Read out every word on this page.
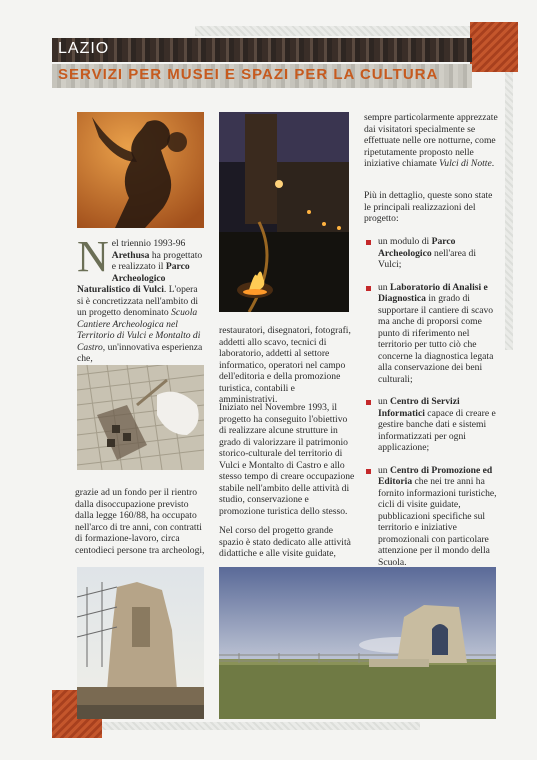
LAZIO
SERVIZI PER MUSEI E SPAZI PER LA CULTURA
Nel triennio 1993-96 Arethusa ha progettato e realizzato il Parco Archeologico Naturalistico di Vulci. L'opera si è concretizzata nell'ambito di un progetto denominato Scuola Cantiere Archeologica nel Territorio di Vulci e Montalto di Castro, un'innovativa esperienza che,
grazie ad un fondo per il rientro dalla disoccupazione previsto dalla legge 160/88, ha occupato nell'arco di tre anni, con contratti di formazione-lavoro, circa centodieci persone tra archeologi,
restauratori, disegnatori, fotografi, addetti allo scavo, tecnici di laboratorio, addetti al settore informatico, operatori nel campo dell'editoria e della promozione turistica, contabili e amministrativi.
Iniziato nel Novembre 1993, il progetto ha conseguito l'obiettivo di realizzare alcune strutture in grado di valorizzare il patrimonio storico-culturale del territorio di Vulci e Montalto di Castro e allo stesso tempo di creare occupazione stabile nell'ambito delle attività di studio, conservazione e promozione turistica dello stesso.
Nel corso del progetto grande spazio è stato dedicato alle attività didattiche e alle visite guidate,
sempre particolarmente apprezzate dai visitatori specialmente se effettuate nelle ore notturne, come ripetutamente proposto nelle iniziative chiamate Vulci di Notte.
Più in dettaglio, queste sono state le principali realizzazioni del progetto:
un modulo di Parco Archeologico nell'area di Vulci;
un Laboratorio di Analisi e Diagnostica in grado di supportare il cantiere di scavo ma anche di proporsi come punto di riferimento nel territorio per tutto ciò che concerne la diagnostica legata alla conservazione dei beni culturali;
un Centro di Servizi Informatici capace di creare e gestire banche dati e sistemi informatizzati per ogni applicazione;
un Centro di Promozione ed Editoria che nei tre anni ha fornito informazioni turistiche, cicli di visite guidate, pubblicazioni specifiche sul territorio e iniziative promozionali con particolare attenzione per il mondo della Scuola.
